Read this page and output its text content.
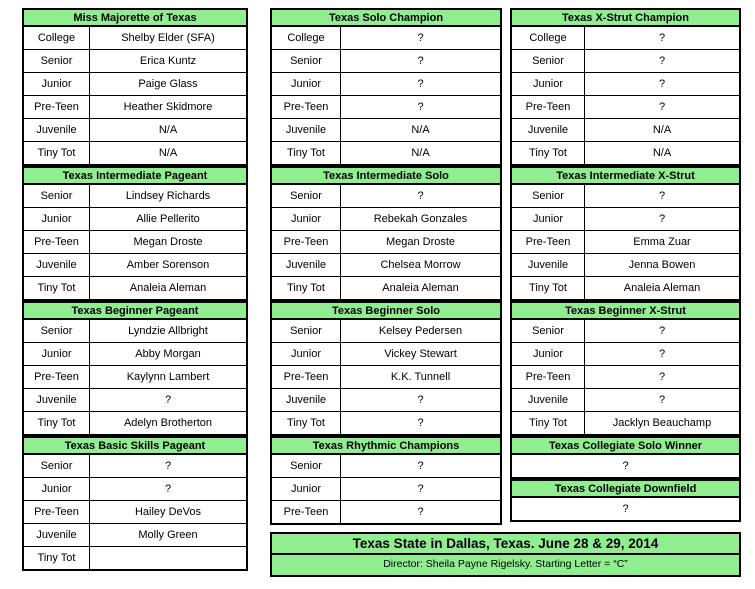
Miss Majorette of Texas
College	Shelby Elder (SFA)
Senior	Erica Kuntz
Junior	Paige Glass
Pre-Teen	Heather Skidmore
Juvenile	N/A
Tiny Tot	N/A
Texas Intermediate Pageant
Senior	Lindsey Richards
Junior	Allie Pellerito
Pre-Teen	Megan Droste
Juvenile	Amber Sorenson
Tiny Tot	Analeia Aleman
Texas Beginner Pageant
Senior	Lyndzie Allbright
Junior	Abby Morgan
Pre-Teen	Kaylynn Lambert
Juvenile	?
Tiny Tot	Adelyn Brotherton
Texas Basic Skills Pageant
Senior	?
Junior	?
Pre-Teen	Hailey DeVos
Juvenile	Molly Green
Tiny Tot
Texas Solo Champion
College	?
Senior	?
Junior	?
Pre-Teen	?
Juvenile	N/A
Tiny Tot	N/A
Texas Intermediate Solo
Senior	?
Junior	Rebekah Gonzales
Pre-Teen	Megan Droste
Juvenile	Chelsea Morrow
Tiny Tot	Analeia Aleman
Texas Beginner Solo
Senior	Kelsey Pedersen
Junior	Vickey Stewart
Pre-Teen	K.K. Tunnell
Juvenile	?
Tiny Tot	?
Texas Rhythmic Champions
Senior	?
Junior	?
Pre-Teen	?
Texas X-Strut Champion
College	?
Senior	?
Junior	?
Pre-Teen	?
Juvenile	N/A
Tiny Tot	N/A
Texas Intermediate X-Strut
Senior	?
Junior	?
Pre-Teen	Emma Zuar
Juvenile	Jenna Bowen
Tiny Tot	Analeia Aleman
Texas Beginner X-Strut
Senior	?
Junior	?
Pre-Teen	?
Juvenile	?
Tiny Tot	Jacklyn Beauchamp
Texas Collegiate Solo Winner
?
Texas Collegiate Downfield
?
Texas State in Dallas, Texas. June 28 & 29, 2014
Director: Sheila Payne Rigelsky. Starting Letter = “C”
